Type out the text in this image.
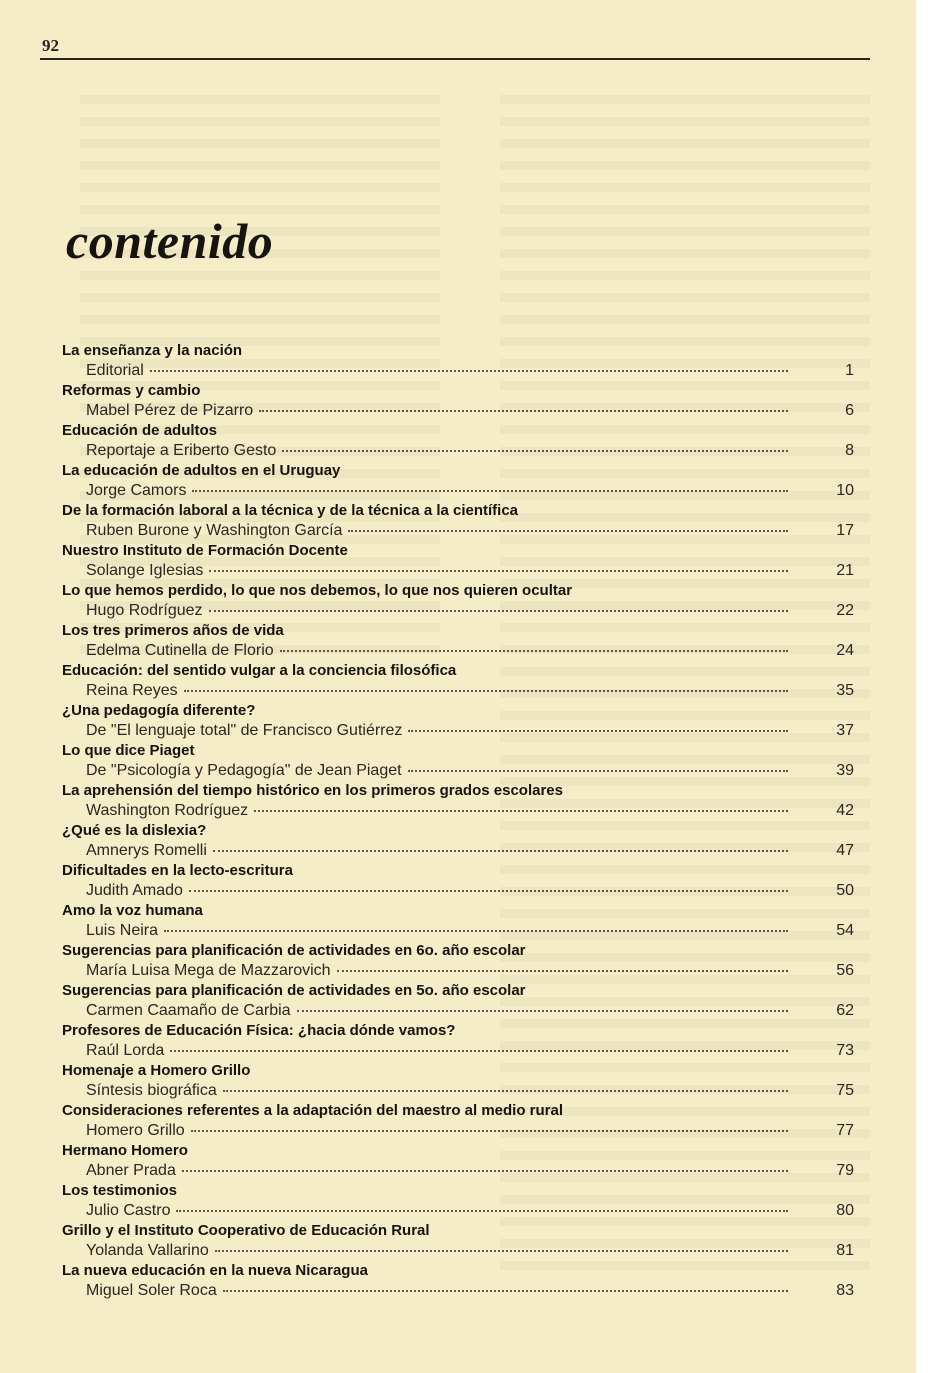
92
contenido
La enseñanza y la nación
Editorial	1
Reformas y cambio
Mabel Pérez de Pizarro	6
Educación de adultos
Reportaje a Eriberto Gesto	8
La educación de adultos en el Uruguay
Jorge Camors	10
De la formación laboral a la técnica y de la técnica a la científica
Ruben Burone y Washington García	17
Nuestro Instituto de Formación Docente
Solange Iglesias	21
Lo que hemos perdido, lo que nos debemos, lo que nos quieren ocultar
Hugo Rodríguez	22
Los tres primeros años de vida
Edelma Cutinella de Florio	24
Educación: del sentido vulgar a la conciencia filosófica
Reina Reyes	35
¿Una pedagogía diferente?
De "El lenguaje total" de Francisco Gutiérrez	37
Lo que dice Piaget
De "Psicología y Pedagogía" de Jean Piaget	39
La aprehensión del tiempo histórico en los primeros grados escolares
Washington Rodríguez	42
¿Qué es la dislexia?
Amnerys Romelli	47
Dificultades en la lecto-escritura
Judith Amado	50
Amo la voz humana
Luis Neira	54
Sugerencias para planificación de actividades en 6o. año escolar
María Luisa Mega de Mazzarovich	56
Sugerencias para planificación de actividades en 5o. año escolar
Carmen Caamaño de Carbia	62
Profesores de Educación Física: ¿hacia dónde vamos?
Raúl Lorda	73
Homenaje a Homero Grillo
Síntesis biográfica	75
Consideraciones referentes a la adaptación del maestro al medio rural
Homero Grillo	77
Hermano Homero
Abner Prada	79
Los testimonios
Julio Castro	80
Grillo y el Instituto Cooperativo de Educación Rural
Yolanda Vallarino	81
La nueva educación en la nueva Nicaragua
Miguel Soler Roca	83
